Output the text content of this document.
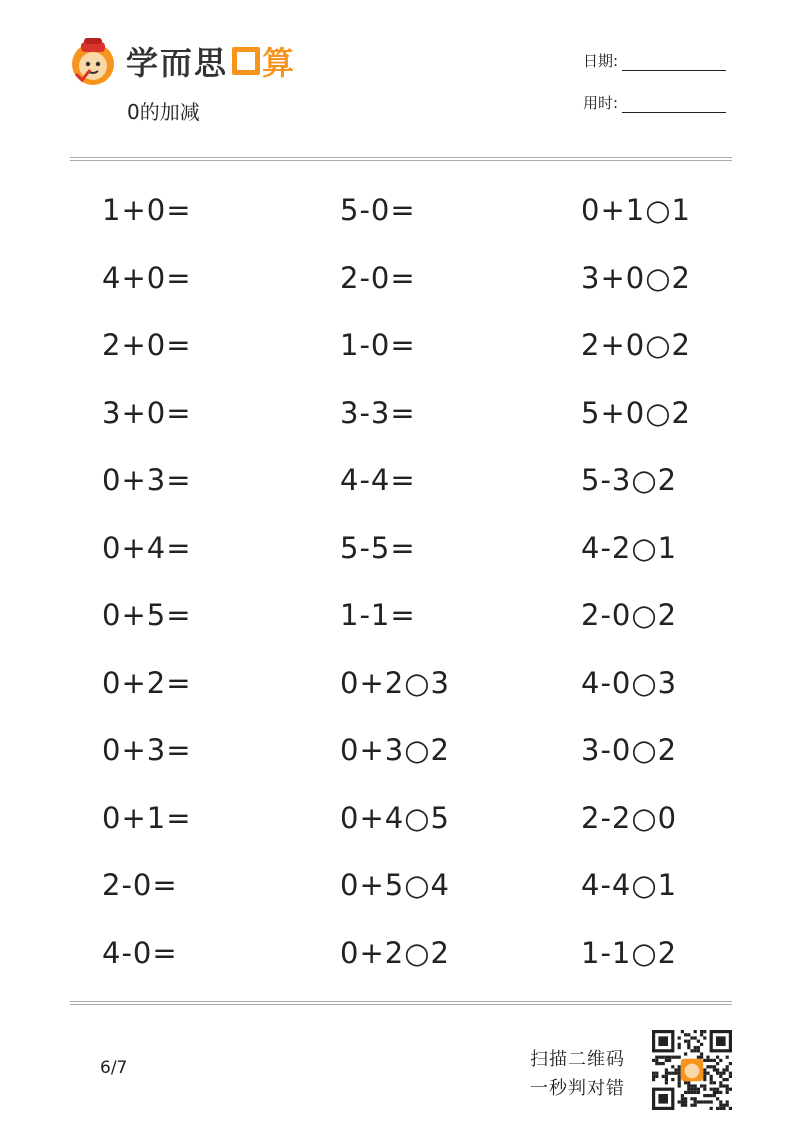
学而思 算
0的加减
日期:
用时:
1+0=
4+0=
2+0=
3+0=
0+3=
0+4=
0+5=
0+2=
0+3=
0+1=
2-0=
4-0=
5-0=
2-0=
1-0=
3-3=
4-4=
5-5=
1-1=
0+2○3
0+3○2
0+4○5
0+5○4
0+2○2
0+1○1
3+0○2
2+0○2
5+0○2
5-3○2
4-2○1
2-0○2
4-0○3
3-0○2
2-2○0
4-4○1
1-1○2
6/7	扫描二维码
一秒判对错
